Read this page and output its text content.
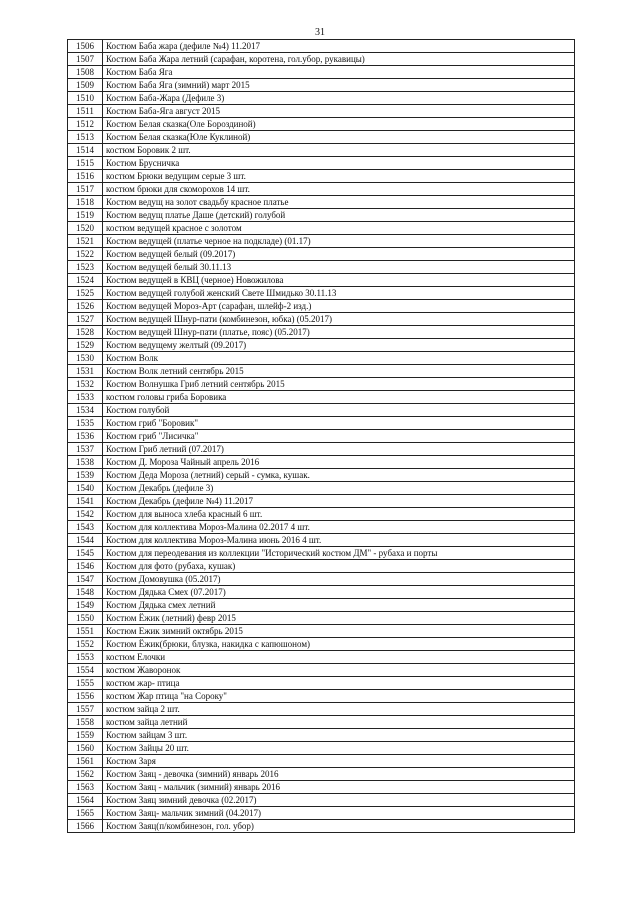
31
1506	Костюм Баба жара (дефиле №4) 11.2017
1507	Костюм Баба Жара летний (сарафан, коротена, гол.убор, рукавицы)
1508	Костюм Баба Яга
1509	Костюм Баба Яга (зимний) март 2015
1510	Костюм Баба-Жара (Дефиле 3)
1511	Костюм Баба-Яга август 2015
1512	Костюм Белая сказка(Оле Бороздиной)
1513	Костюм Белая сказка(Юле Куклиной)
1514	костюм Боровик 2 шт.
1515	Костюм Брусничка
1516	костюм Брюки ведущим серые 3 шт.
1517	костюм брюки для скоморохов 14 шт.
1518	Костюм ведущ на золот свадьбу красное платье
1519	Костюм ведущ платье Даше (детский) голубой
1520	костюм ведущей красное с золотом
1521	Костюм ведущей (платье черное на подкладе) (01.17)
1522	Костюм ведущей белый (09.2017)
1523	Костюм ведущей белый 30.11.13
1524	Костюм ведущей в КВЦ (черное) Новожилова
1525	Костюм ведущей голубой женский Свете Шмидько 30.11.13
1526	Костюм ведущей Мороз-Арт (сарафан, шлейф-2 изд.)
1527	Костюм ведущей Шнур-пати (комбинезон, юбка) (05.2017)
1528	Костюм ведущей Шнур-пати (платье, пояс) (05.2017)
1529	Костюм ведущему желтый (09.2017)
1530	Костюм Волк
1531	Костюм Волк летний сентябрь 2015
1532	Костюм Волнушка Гриб летний сентябрь 2015
1533	костюм головы гриба Боровика
1534	Костюм голубой
1535	Костюм гриб "Боровик"
1536	Костюм гриб "Лисичка"
1537	Костюм Гриб летний (07.2017)
1538	Костюм Д. Мороза Чайный апрель 2016
1539	Костюм Деда Мороза (летний) серый - сумка, кушак.
1540	Костюм Декабрь (дефиле 3)
1541	Костюм Декабрь (дефиле №4) 11.2017
1542	Костюм для выноса хлеба красный 6 шт.
1543	Костюм для коллектива Мороз-Малина 02.2017 4 шт.
1544	Костюм для коллектива Мороз-Малина июнь 2016 4 шт.
1545	Костюм для переодевания из коллекции "Исторический костюм ДМ" - рубаха и порты
1546	Костюм для фото (рубаха, кушак)
1547	Костюм Домовушка (05.2017)
1548	Костюм Дядька Смех (07.2017)
1549	Костюм Дядька смех летний
1550	Костюм Ёжик (летний) февр 2015
1551	Костюм Ежик зимний октябрь 2015
1552	Костюм Ёжик(брюки, блузка, накидка с капюшоном)
1553	костюм Елочки
1554	костюм Жаворонок
1555	костюм жар- птица
1556	костюм Жар птица "на Сороку"
1557	костюм зайца 2 шт.
1558	костюм зайца летний
1559	Костюм зайцам 3 шт.
1560	Костюм Зайцы 20 шт.
1561	Костюм Заря
1562	Костюм Заяц - девочка (зимний) январь 2016
1563	Костюм Заяц - мальчик (зимний) январь 2016
1564	Костюм Заяц зимний девочка (02.2017)
1565	Костюм Заяц- мальчик зимний (04.2017)
1566	Костюм Заяц(п/комбинезон, гол. убор)
